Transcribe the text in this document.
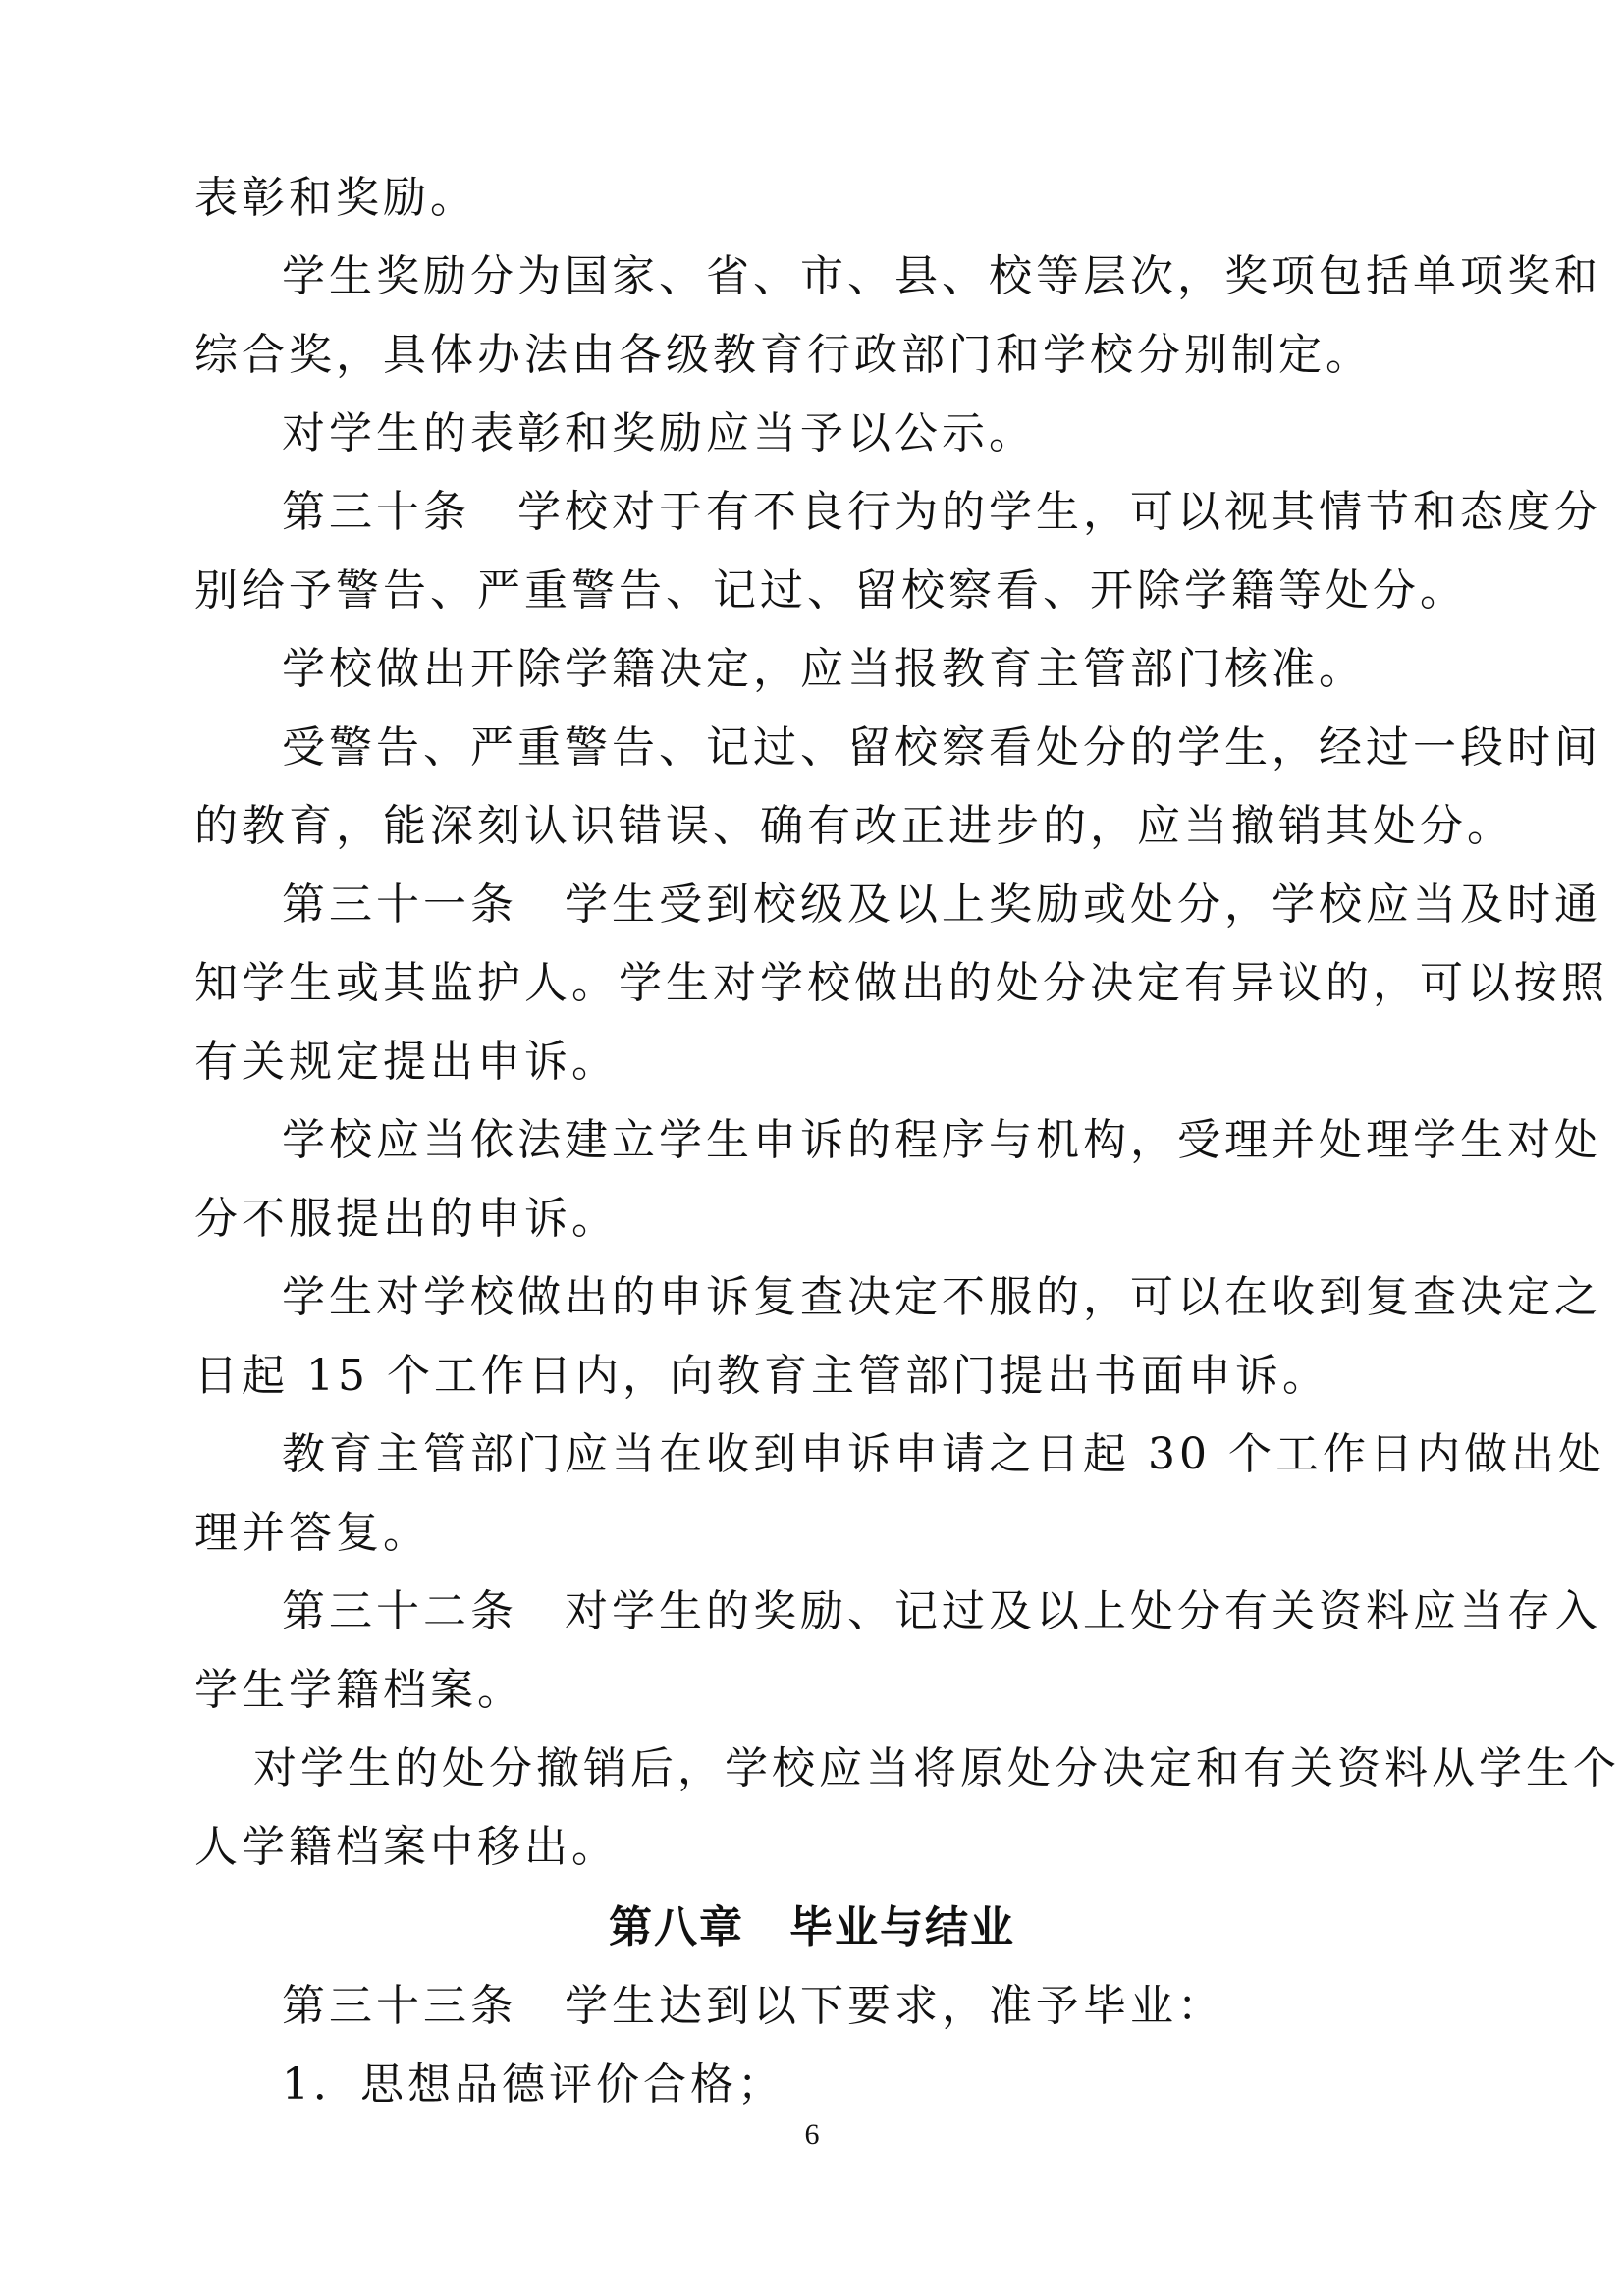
表彰和奖励。
学生奖励分为国家、省、市、县、校等层次，奖项包括单项奖和
综合奖，具体办法由各级教育行政部门和学校分别制定。
对学生的表彰和奖励应当予以公示。
第三十条　学校对于有不良行为的学生，可以视其情节和态度分
别给予警告、严重警告、记过、留校察看、开除学籍等处分。
学校做出开除学籍决定，应当报教育主管部门核准。
受警告、严重警告、记过、留校察看处分的学生，经过一段时间
的教育，能深刻认识错误、确有改正进步的，应当撤销其处分。
第三十一条　学生受到校级及以上奖励或处分，学校应当及时通
知学生或其监护人。学生对学校做出的处分决定有异议的，可以按照
有关规定提出申诉。
学校应当依法建立学生申诉的程序与机构，受理并处理学生对处
分不服提出的申诉。
学生对学校做出的申诉复查决定不服的，可以在收到复查决定之
日起 15 个工作日内，向教育主管部门提出书面申诉。
教育主管部门应当在收到申诉申请之日起 30 个工作日内做出处
理并答复。
第三十二条　对学生的奖励、记过及以上处分有关资料应当存入
学生学籍档案。
对学生的处分撤销后，学校应当将原处分决定和有关资料从学生个
人学籍档案中移出。
第八章　毕业与结业
第三十三条　学生达到以下要求，准予毕业：
1．思想品德评价合格；
6
